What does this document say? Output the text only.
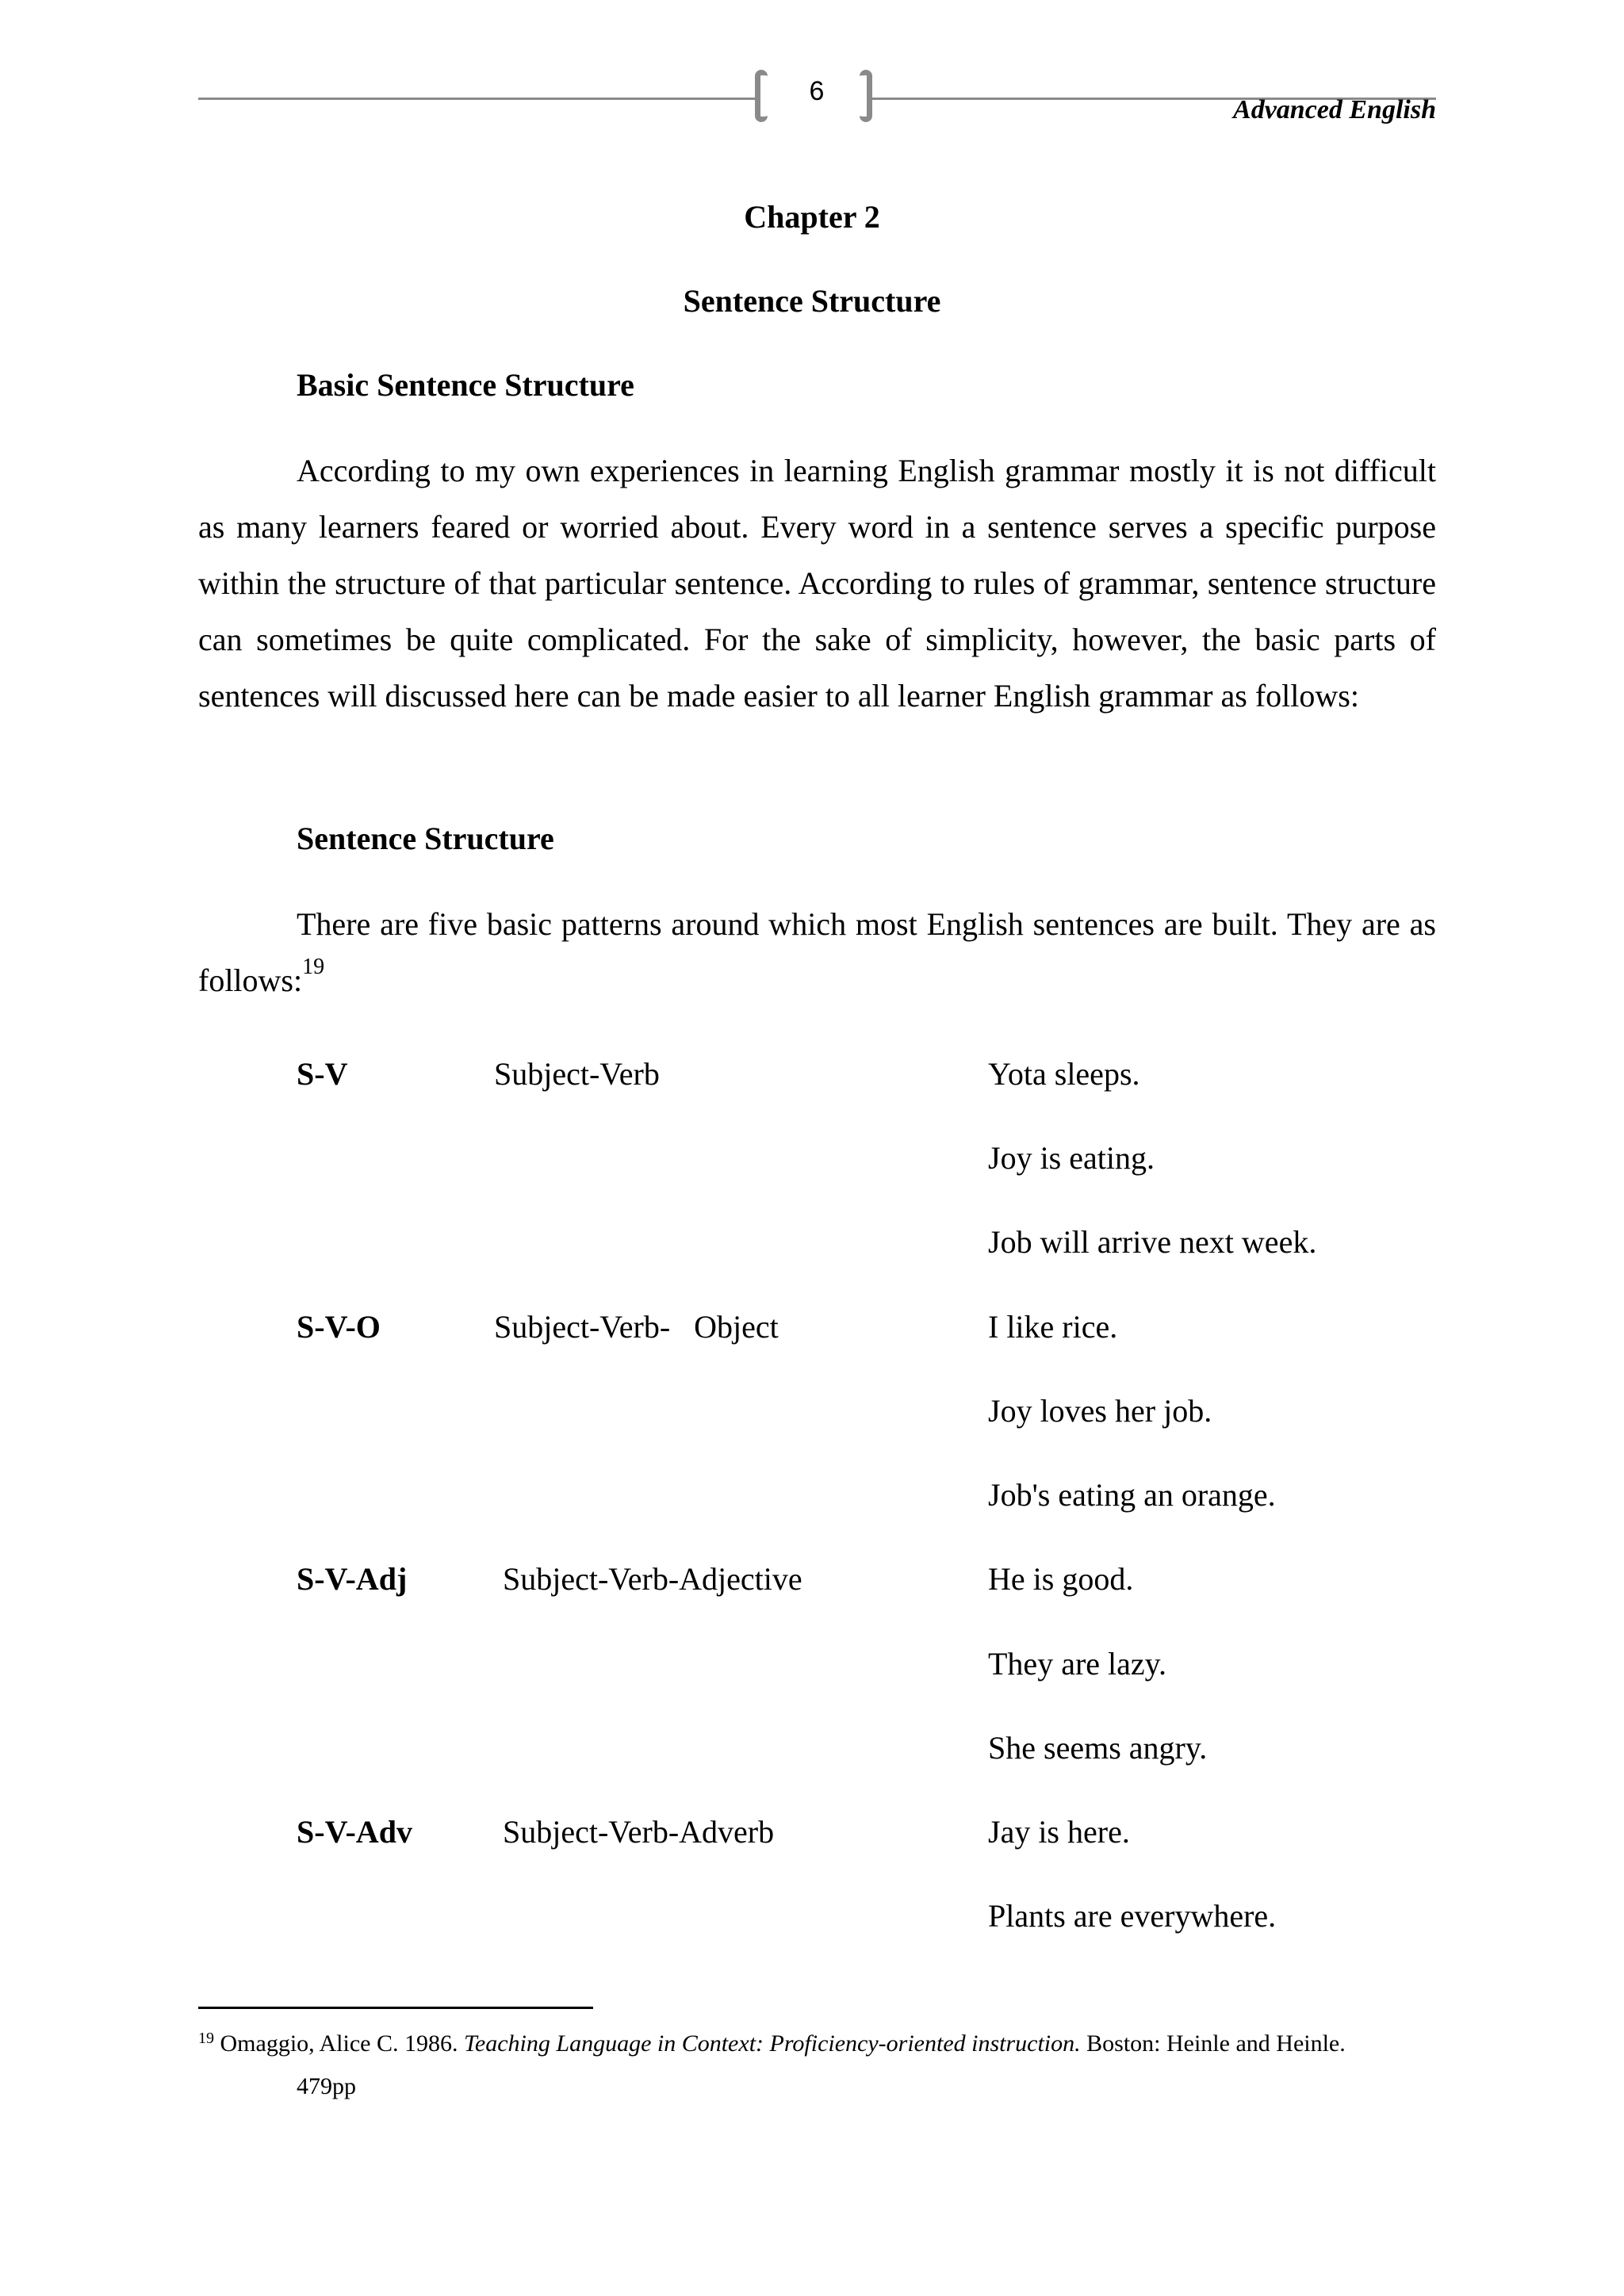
6
Advanced English
Chapter 2
Sentence Structure
Basic Sentence Structure

According to my own experiences in learning English grammar mostly it is not difficult as many learners feared or worried about. Every word in a sentence serves a specific purpose within the structure of that particular sentence. According to rules of grammar, sentence structure can sometimes be quite complicated. For the sake of simplicity, however, the basic parts of sentences will discussed here can be made easier to all learner English grammar as follows:

Sentence Structure

There are five basic patterns around which most English sentences are built. They are as follows:$^{19}$

S-V	Subject-Verb	Yota sleeps.
Joy is eating.
Job will arrive next week.
S-V-O	Subject-Verb-   Object	I like rice.
Joy loves her job.
Job's eating an orange.
S-V-Adj	Subject-Verb-Adjective	He is good.
They are lazy.
She seems angry.
S-V-Adv	Subject-Verb-Adverb	Jay is here.
Plants are everywhere.
$^{19}$ Omaggio, Alice C. 1986. Teaching Language in Context: Proficiency-oriented instruction. Boston: Heinle and Heinle.
479pp
